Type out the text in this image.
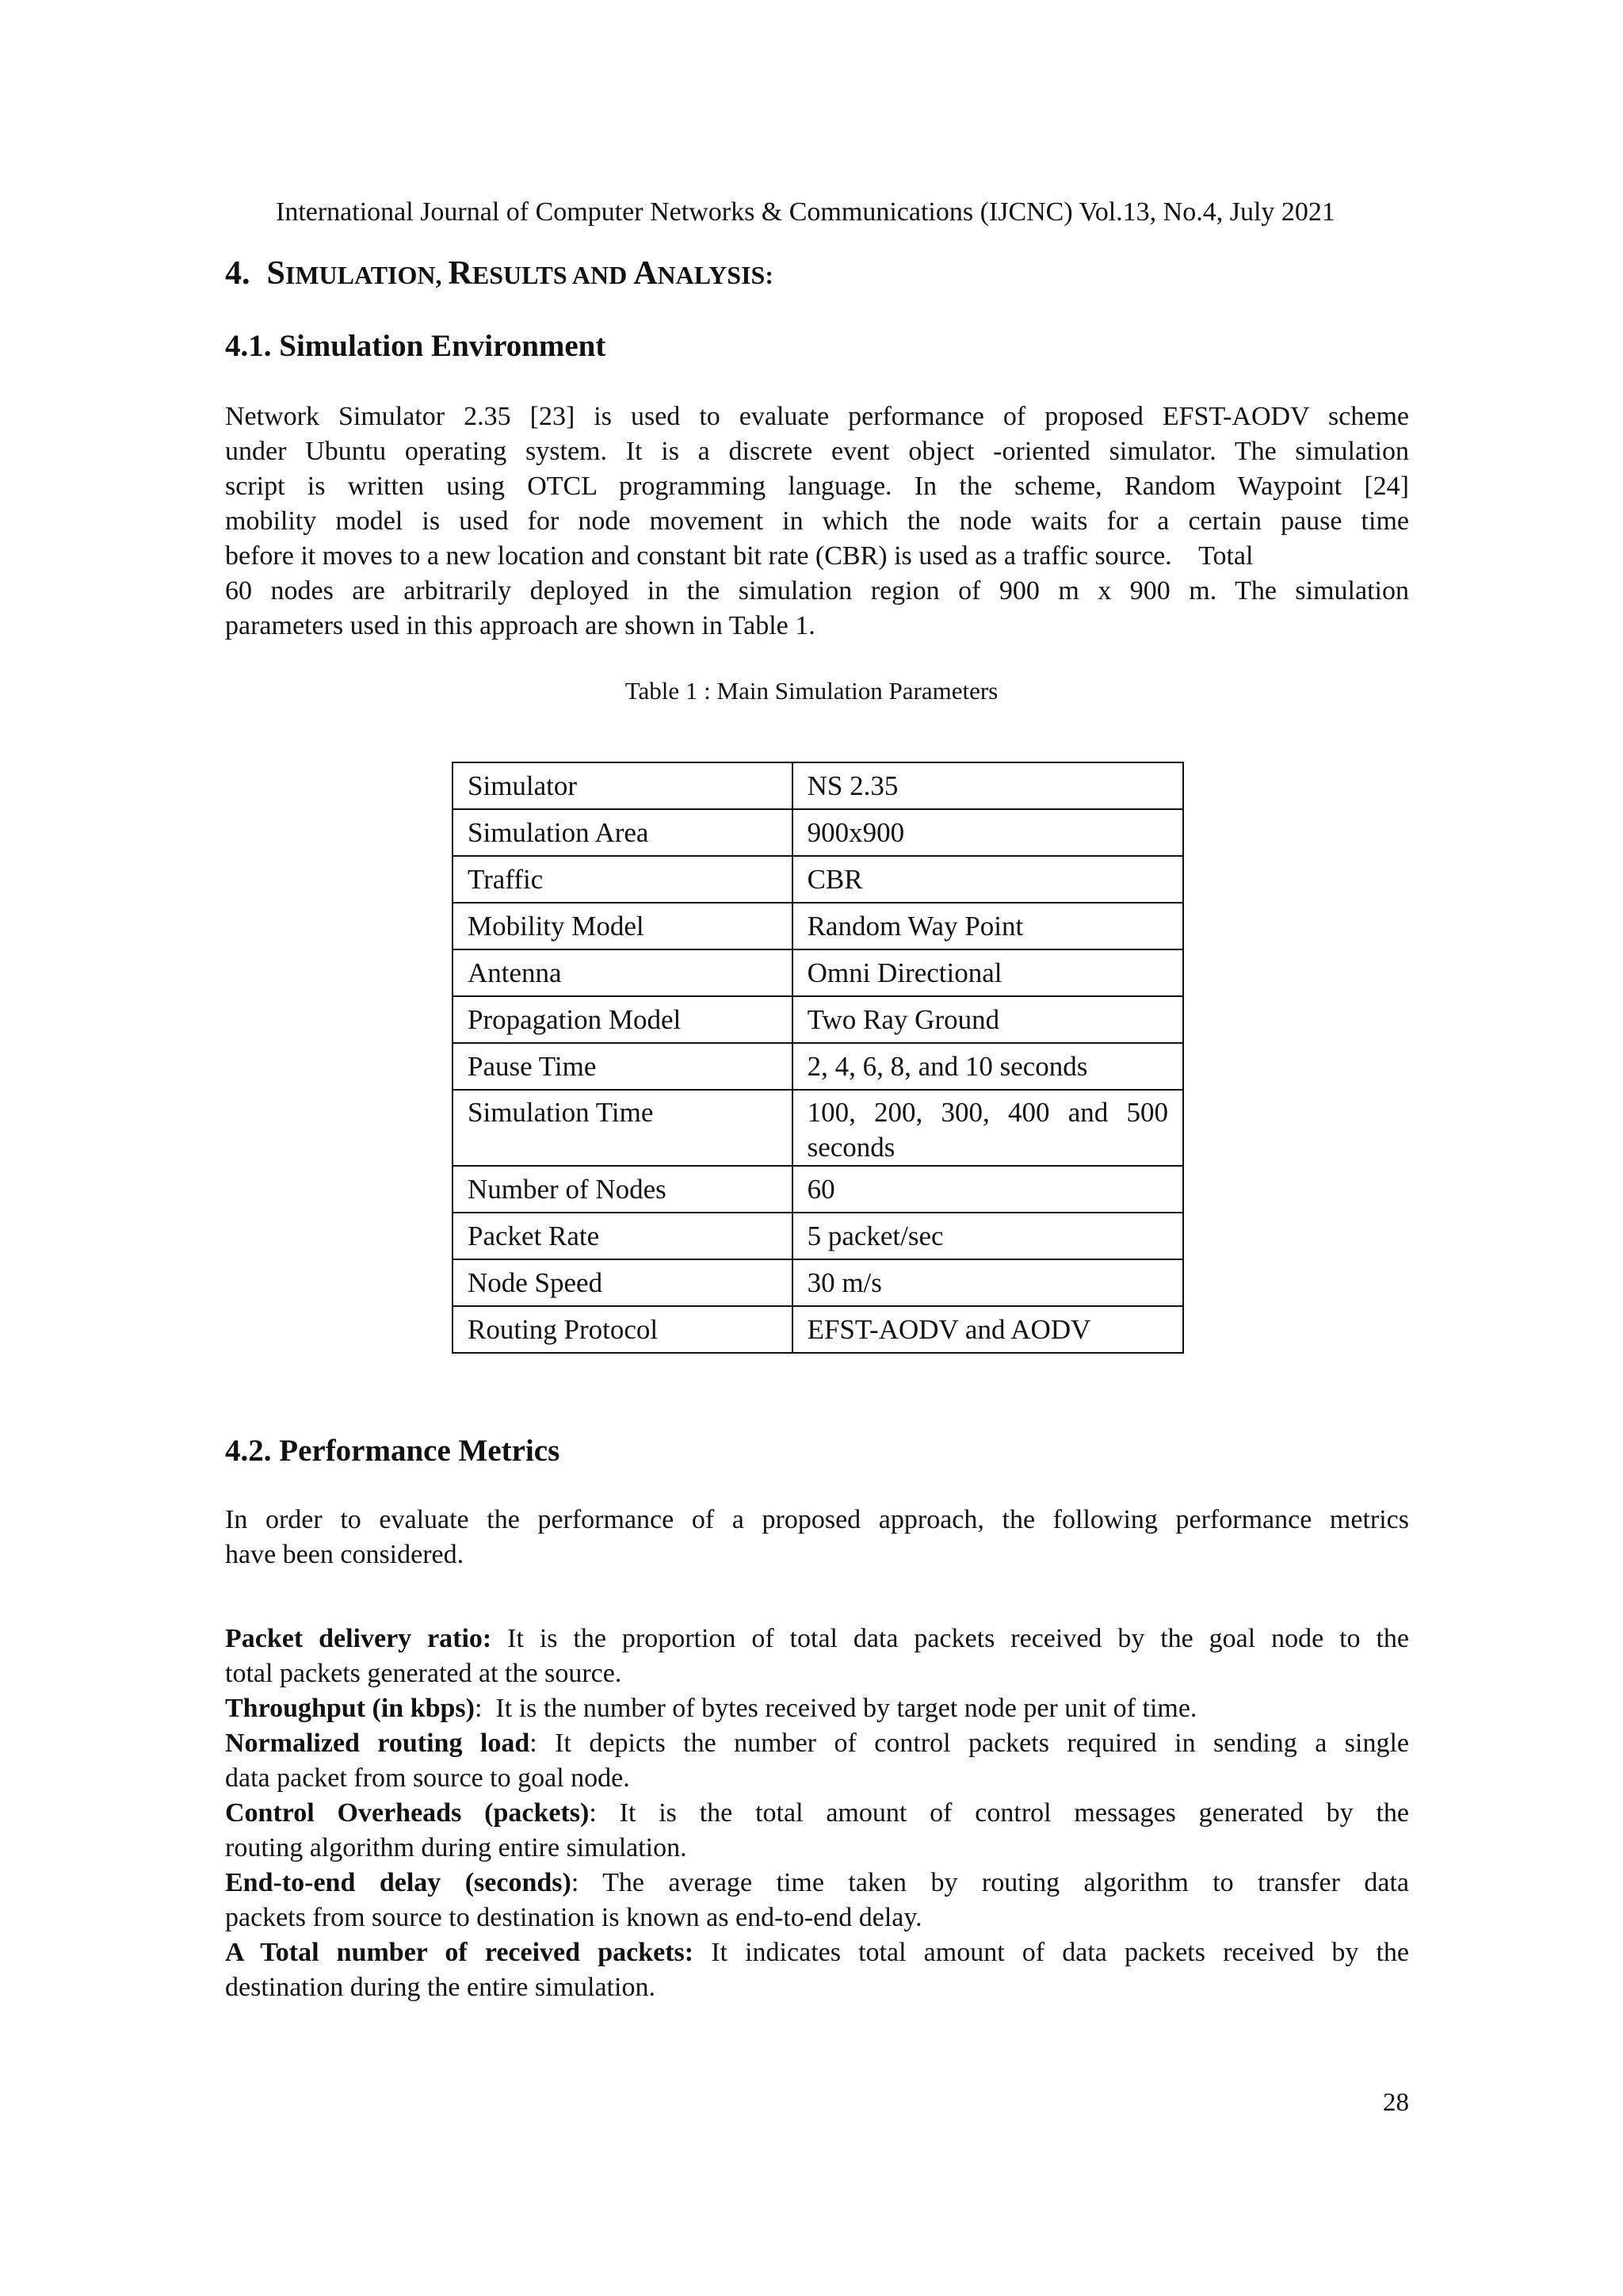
International Journal of Computer Networks & Communications (IJCNC) Vol.13, No.4, July 2021
4. SIMULATION, RESULTS AND ANALYSIS:
4.1. Simulation Environment
Network Simulator 2.35 [23] is used to evaluate performance of proposed EFST-AODV scheme
under Ubuntu operating system. It is a discrete event object -oriented simulator. The simulation
script is written using OTCL programming language. In the scheme, Random Waypoint [24]
mobility model is used for node movement in which the node waits for a certain pause time
before it moves to a new location and constant bit rate (CBR) is used as a traffic source.    Total
60 nodes are arbitrarily deployed in the simulation region of 900 m x 900 m. The simulation
parameters used in this approach are shown in Table 1.
Table 1 : Main Simulation Parameters
Simulator	NS 2.35
Simulation Area	900x900
Traffic	CBR
Mobility Model	Random Way Point
Antenna	Omni Directional
Propagation Model	Two Ray Ground
Pause Time	2, 4, 6, 8, and 10 seconds
Simulation Time	100, 200, 300, 400 and 500
seconds

Number of Nodes	60
Packet Rate	5 packet/sec
Node Speed	30 m/s
Routing Protocol	EFST-AODV and AODV
4.2. Performance Metrics
In order to evaluate the performance of a proposed approach, the following performance metrics
have been considered.
Packet delivery ratio: It is the proportion of total data packets received by the goal node to the
total packets generated at the source.
Throughput (in kbps):  It is the number of bytes received by target node per unit of time.
Normalized routing load: It depicts the number of control packets required in sending a single
data packet from source to goal node.
Control Overheads (packets): It is the total amount of control messages generated by the
routing algorithm during entire simulation.
End-to-end delay (seconds): The average time taken by routing algorithm to transfer data
packets from source to destination is known as end-to-end delay.
A Total number of received packets: It indicates total amount of data packets received by the
destination during the entire simulation.
28
